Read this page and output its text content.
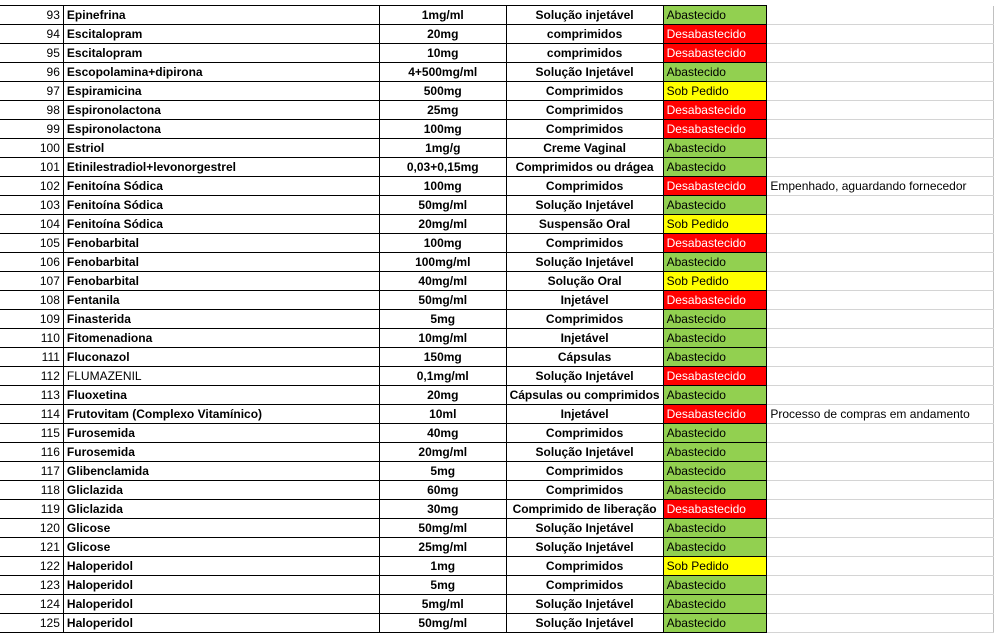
93	Epinefrina	1mg/ml	Solução injetável	Abastecido	
94	Escitalopram	20mg	comprimidos	Desabastecido	
95	Escitalopram	10mg	comprimidos	Desabastecido	
96	Escopolamina+dipirona	4+500mg/ml	Solução Injetável	Abastecido	
97	Espiramicina	500mg	Comprimidos	Sob Pedido	
98	Espironolactona	25mg	Comprimidos	Desabastecido	
99	Espironolactona	100mg	Comprimidos	Desabastecido	
100	Estriol	1mg/g	Creme Vaginal	Abastecido	
101	Etinilestradiol+levonorgestrel	0,03+0,15mg	Comprimidos ou drágea	Abastecido	
102	Fenitoína Sódica	100mg	Comprimidos	Desabastecido	Empenhado, aguardando fornecedor
103	Fenitoína Sódica	50mg/ml	Solução Injetável	Abastecido	
104	Fenitoína Sódica	20mg/ml	Suspensão Oral	Sob Pedido	
105	Fenobarbital	100mg	Comprimidos	Desabastecido	
106	Fenobarbital	100mg/ml	Solução Injetável	Abastecido	
107	Fenobarbital	40mg/ml	Solução Oral	Sob Pedido	
108	Fentanila	50mg/ml	Injetável	Desabastecido	
109	Finasterida	5mg	Comprimidos	Abastecido	
110	Fitomenadiona	10mg/ml	Injetável	Abastecido	
111	Fluconazol	150mg	Cápsulas	Abastecido	
112	FLUMAZENIL	0,1mg/ml	Solução Injetável	Desabastecido	
113	Fluoxetina	20mg	Cápsulas ou comprimidos	Abastecido	
114	Frutovitam (Complexo Vitamínico)	10ml	Injetável	Desabastecido	Processo de compras em andamento
115	Furosemida	40mg	Comprimidos	Abastecido	
116	Furosemida	20mg/ml	Solução Injetável	Abastecido	
117	Glibenclamida	5mg	Comprimidos	Abastecido	
118	Gliclazida	60mg	Comprimidos	Abastecido	
119	Gliclazida	30mg	Comprimido de liberação	Desabastecido	
120	Glicose	50mg/ml	Solução Injetável	Abastecido	
121	Glicose	25mg/ml	Solução Injetável	Abastecido	
122	Haloperidol	1mg	Comprimidos	Sob Pedido	
123	Haloperidol	5mg	Comprimidos	Abastecido	
124	Haloperidol	5mg/ml	Solução Injetável	Abastecido	
125	Haloperidol	50mg/ml	Solução Injetável	Abastecido	
